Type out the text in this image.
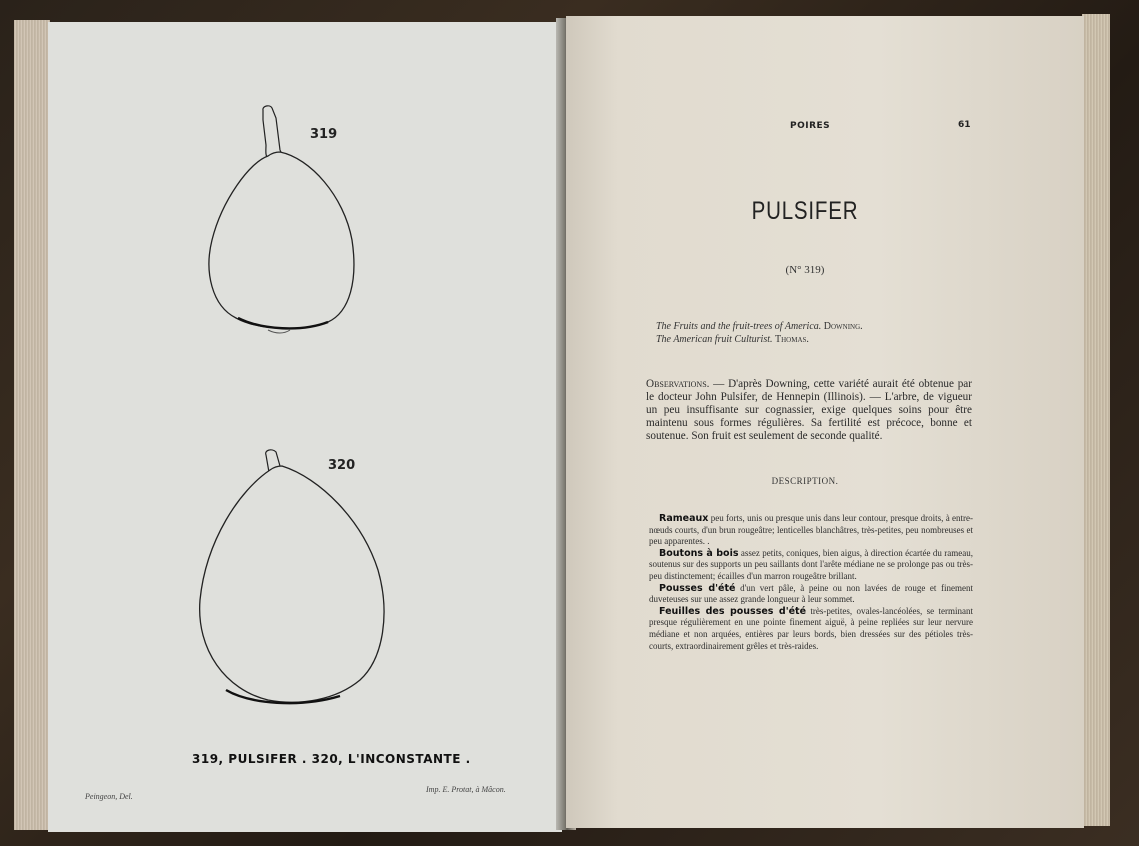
319
320
319, PULSIFER . 320, L'INCONSTANTE .
Peingeon, Del.
Imp. E. Protat, à Mâcon.
POIRES	61
PULSIFER
(N° 319)
The Fruits and the fruit-trees of America. Downing.
The American fruit Culturist. Thomas.
Observations. — D'après Downing, cette variété aurait été obtenue par le docteur John Pulsifer, de Hennepin (Illinois). — L'arbre, de vigueur un peu insuffisante sur cognassier, exige quelques soins pour être maintenu sous formes régulières. Sa fertilité est précoce, bonne et soutenue. Son fruit est seulement de seconde qualité.
DESCRIPTION.

Rameaux peu forts, unis ou presque unis dans leur contour, presque droits, à entre-nœuds courts, d'un brun rougeâtre; lenticelles blanchâtres, très-petites, peu nombreuses et peu apparentes. .

Boutons à bois assez petits, coniques, bien aigus, à direction écartée du rameau, soutenus sur des supports un peu saillants dont l'arête médiane ne se prolonge pas ou très-peu distinctement; écailles d'un marron rougeâtre brillant.

Pousses d'été d'un vert pâle, à peine ou non lavées de rouge et finement duveteuses sur une assez grande longueur à leur sommet.

Feuilles des pousses d'été très-petites, ovales-lancéolées, se terminant presque régulièrement en une pointe finement aiguë, à peine repliées sur leur nervure médiane et non arquées, entières par leurs bords, bien dressées sur des pétioles très-courts, extraordinairement grêles et très-raides.
